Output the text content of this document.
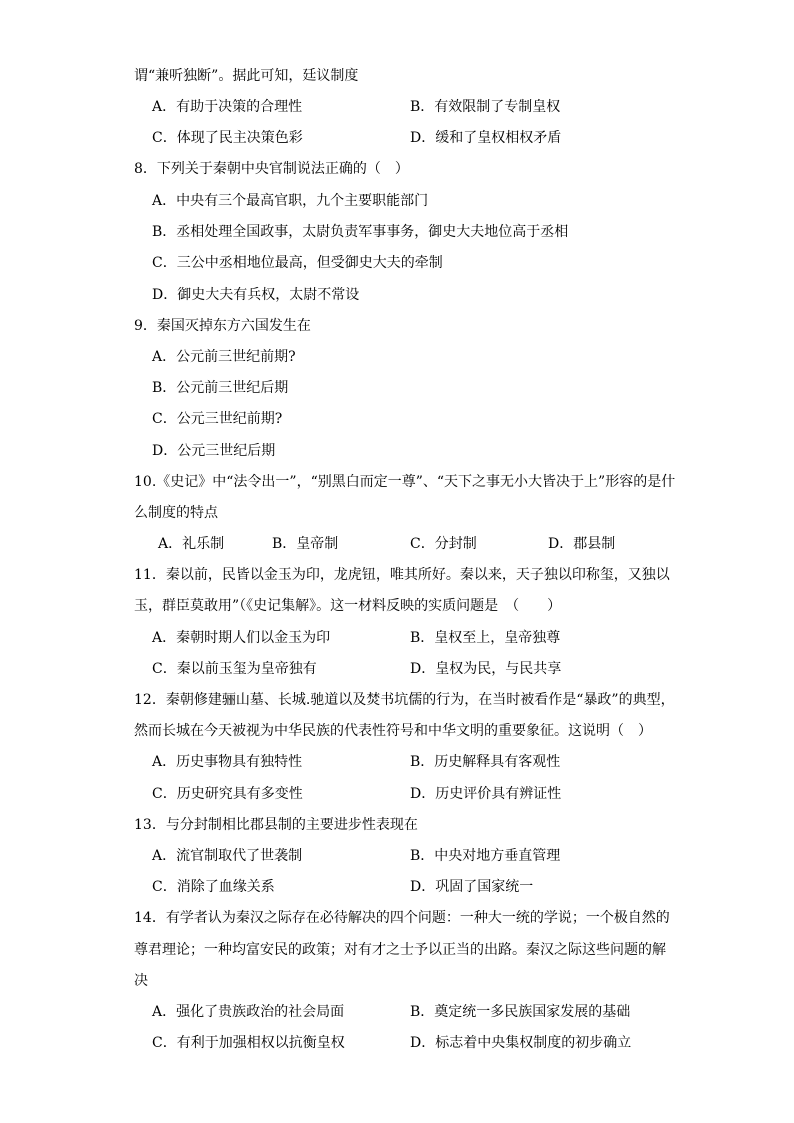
谓“兼听独断”。据此可知，廷议制度
A．有助于决策的合理性	B．有效限制了专制皇权
C．体现了民主决策色彩	D．缓和了皇权相权矛盾
8．下列关于秦朝中央官制说法正确的（　）
A．中央有三个最高官职，九个主要职能部门
B．丞相处理全国政事，太尉负责军事事务，御史大夫地位高于丞相
C．三公中丞相地位最高，但受御史大夫的牵制
D．御史大夫有兵权，太尉不常设
9．秦国灭掉东方六国发生在
A．公元前三世纪前期?
B．公元前三世纪后期
C．公元三世纪前期?
D．公元三世纪后期
10.《史记》中“法令出一”，“别黑白而定一尊”、“天下之事无小大皆决于上”形容的是什
么制度的特点
A．礼乐制	B．皇帝制	C．分封制	D．郡县制
11．秦以前，民皆以金玉为印，龙虎钮，唯其所好。秦以来，天子独以印称玺，又独以
玉，群臣莫敢用”（《史记集解》。这一材料反映的实质问题是　（　　）
A．秦朝时期人们以金玉为印	B．皇权至上，皇帝独尊
C．秦以前玉玺为皇帝独有	D．皇权为民，与民共享
12．秦朝修建骊山墓、长城.驰道以及焚书坑儒的行为，在当时被看作是“暴政”的典型，
然而长城在今天被视为中华民族的代表性符号和中华文明的重要象征。这说明（　）
A．历史事物具有独特性	B．历史解释具有客观性
C．历史研究具有多变性	D．历史评价具有辨证性
13．与分封制相比郡县制的主要进步性表现在
A．流官制取代了世袭制	B．中央对地方垂直管理
C．消除了血缘关系	D．巩固了国家统一
14．有学者认为秦汉之际存在必待解决的四个问题：一种大一统的学说；一个极自然的
尊君理论；一种均富安民的政策；对有才之士予以正当的出路。秦汉之际这些问题的解
决
A．强化了贵族政治的社会局面	B．奠定统一多民族国家发展的基础
C．有利于加强相权以抗衡皇权	D．标志着中央集权制度的初步确立
